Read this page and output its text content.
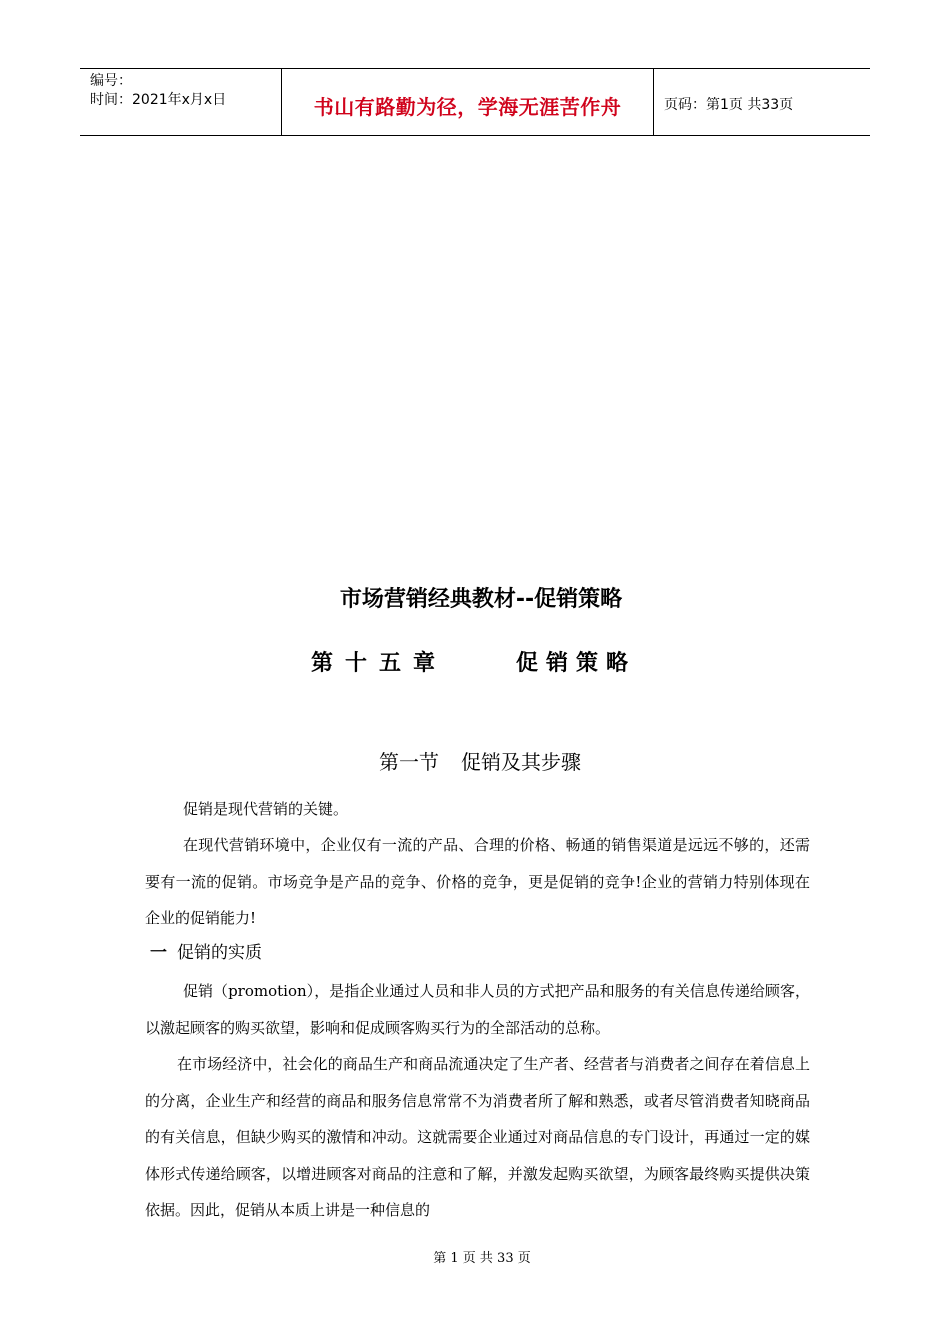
编号：
时间：2021年x月x日	书山有路勤为径，学海无涯苦作舟	页码：第1页 共33页
市场营销经典教材--促销策略
第十五章	促销策略
第一节 促销及其步骤
促销是现代营销的关键。
在现代营销环境中，企业仅有一流的产品、合理的价格、畅通的销售渠道是远远不够的，还需要有一流的促销。市场竞争是产品的竞争、价格的竞争，更是促销的竞争!企业的营销力特别体现在企业的促销能力!
一 促销的实质
促销（promotion），是指企业通过人员和非人员的方式把产品和服务的有关信息传递给顾客，以激起顾客的购买欲望，影响和促成顾客购买行为的全部活动的总称。
在市场经济中，社会化的商品生产和商品流通决定了生产者、经营者与消费者之间存在着信息上的分离，企业生产和经营的商品和服务信息常常不为消费者所了解和熟悉，或者尽管消费者知晓商品的有关信息，但缺少购买的激情和冲动。这就需要企业通过对商品信息的专门设计，再通过一定的媒体形式传递给顾客，以增进顾客对商品的注意和了解，并激发起购买欲望，为顾客最终购买提供决策依据。因此，促销从本质上讲是一种信息的
第 1 页 共 33 页
